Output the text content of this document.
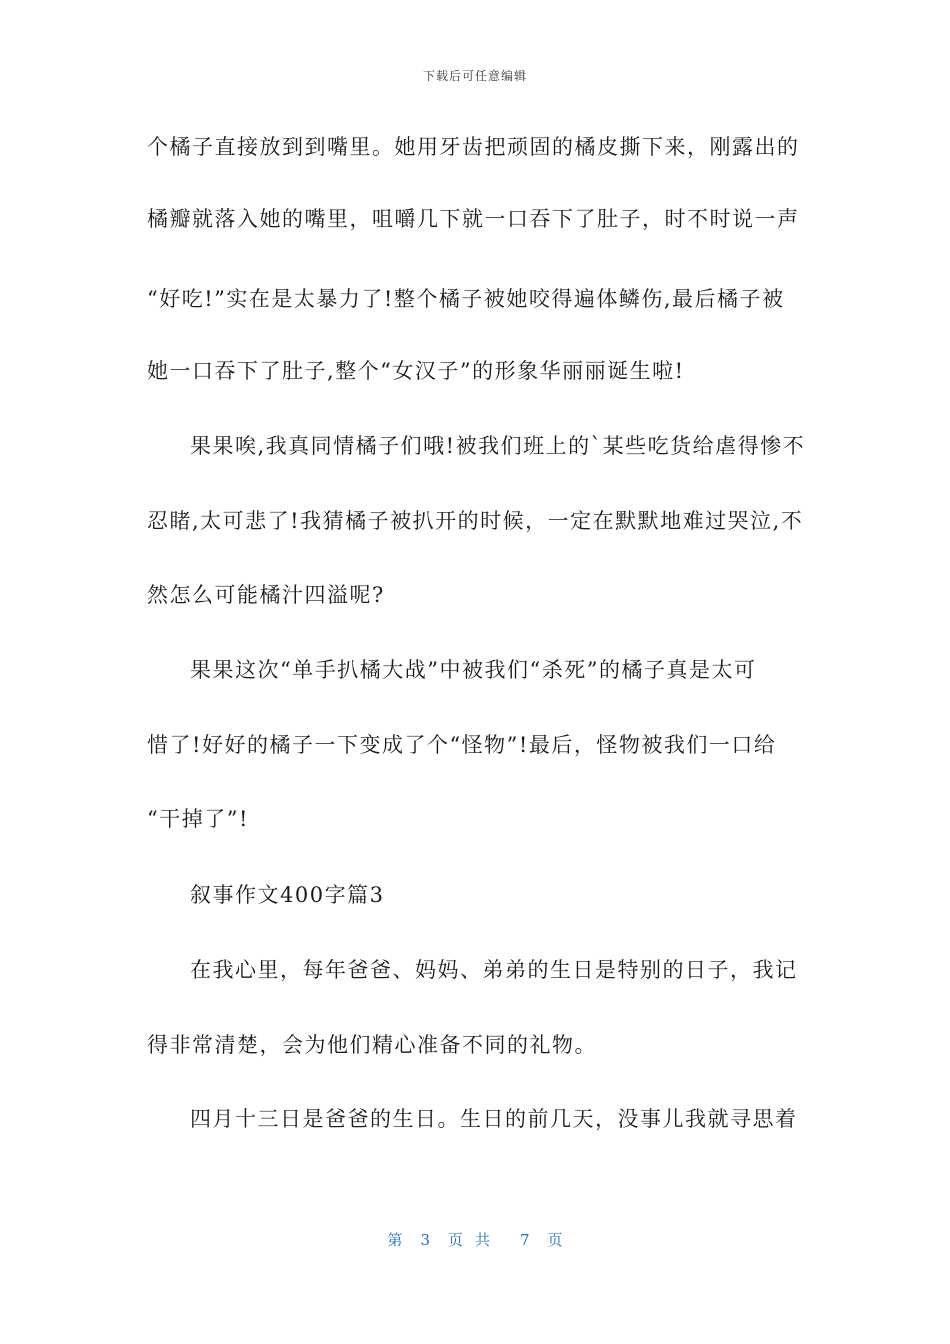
下载后可任意编辑
个橘子直接放到到嘴里。她用牙齿把顽固的橘皮撕下来，刚露出的
橘瓣就落入她的嘴里，咀嚼几下就一口吞下了肚子，时不时说一声
“好吃!”实在是太暴力了!整个橘子被她咬得遍体鳞伤,最后橘子被
她一口吞下了肚子,整个“女汉子”的形象华丽丽诞生啦!
果果唉,我真同情橘子们哦!被我们班上的`某些吃货给虐得惨不
忍睹,太可悲了!我猜橘子被扒开的时候，一定在默默地难过哭泣,不
然怎么可能橘汁四溢呢?
果果这次“单手扒橘大战”中被我们“杀死”的橘子真是太可
惜了!好好的橘子一下变成了个“怪物”!最后，怪物被我们一口给
“干掉了”!
叙事作文400字篇3
在我心里，每年爸爸、妈妈、弟弟的生日是特别的日子，我记
得非常清楚，会为他们精心准备不同的礼物。
四月十三日是爸爸的生日。生日的前几天，没事儿我就寻思着
第 3 页共 7 页
